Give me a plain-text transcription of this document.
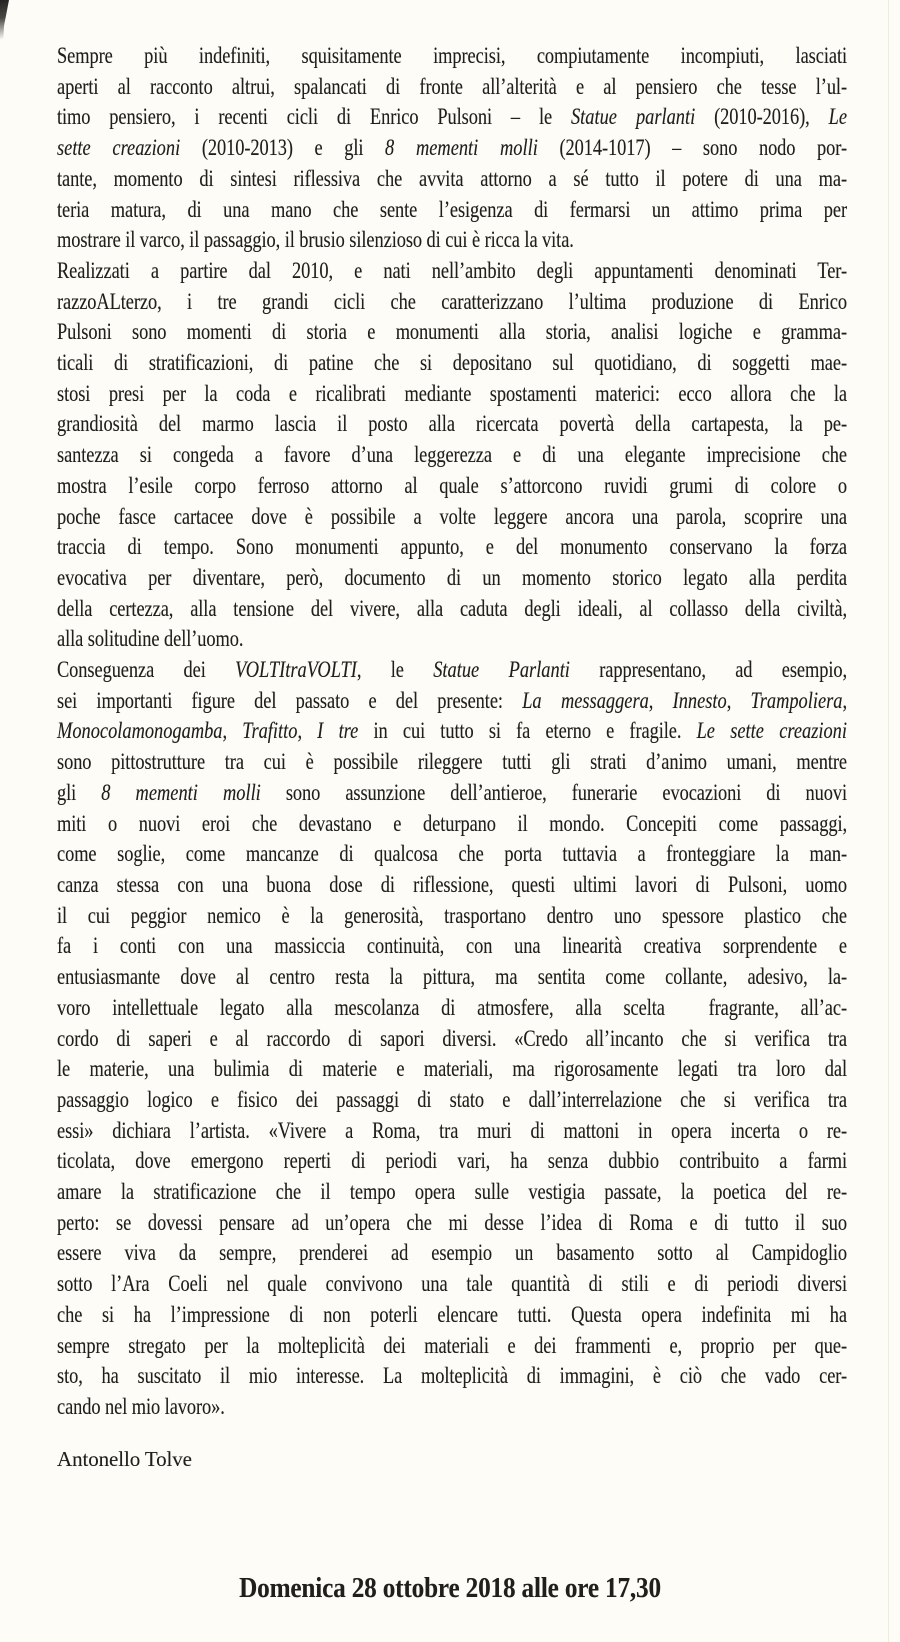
Sempre più indefiniti, squisitamente imprecisi, compiutamente incompiuti, lasciati
aperti al racconto altrui, spalancati di fronte all’alterità e al pensiero che tesse l’ul-
timo pensiero, i recenti cicli di Enrico Pulsoni – le Statue parlanti (2010-2016), Le
sette creazioni (2010-2013) e gli 8 mementi molli (2014-1017) – sono nodo por-
tante, momento di sintesi riflessiva che avvita attorno a sé tutto il potere di una ma-
teria matura, di una mano che sente l’esigenza di fermarsi un attimo prima per
mostrare il varco, il passaggio, il brusio silenzioso di cui è ricca la vita.
Realizzati a partire dal 2010, e nati nell’ambito degli appuntamenti denominati Ter-
razzoALterzo, i tre grandi cicli che caratterizzano l’ultima produzione di Enrico
Pulsoni sono momenti di storia e monumenti alla storia, analisi logiche e gramma-
ticali di stratificazioni, di patine che si depositano sul quotidiano, di soggetti mae-
stosi presi per la coda e ricalibrati mediante spostamenti materici: ecco allora che la
grandiosità del marmo lascia il posto alla ricercata povertà della cartapesta, la pe-
santezza si congeda a favore d’una leggerezza e di una elegante imprecisione che
mostra l’esile corpo ferroso attorno al quale s’attorcono ruvidi grumi di colore o
poche fasce cartacee dove è possibile a volte leggere ancora una parola, scoprire una
traccia di tempo. Sono monumenti appunto, e del monumento conservano la forza
evocativa per diventare, però, documento di un momento storico legato alla perdita
della certezza, alla tensione del vivere, alla caduta degli ideali, al collasso della civiltà,
alla solitudine dell’uomo.
Conseguenza dei VOLTItraVOLTI, le Statue Parlanti rappresentano, ad esempio,
sei importanti figure del passato e del presente: La messaggera, Innesto, Trampoliera,
Monocolamonogamba, Trafitto, I tre in cui tutto si fa eterno e fragile. Le sette creazioni
sono pittostrutture tra cui è possibile rileggere tutti gli strati d’animo umani, mentre
gli 8 mementi molli sono assunzione dell’antieroe, funerarie evocazioni di nuovi
miti o nuovi eroi che devastano e deturpano il mondo. Concepiti come passaggi,
come soglie, come mancanze di qualcosa che porta tuttavia a fronteggiare la man-
canza stessa con una buona dose di riflessione, questi ultimi lavori di Pulsoni, uomo
il cui peggior nemico è la generosità, trasportano dentro uno spessore plastico che
fa i conti con una massiccia continuità, con una linearità creativa sorprendente e
entusiasmante dove al centro resta la pittura, ma sentita come collante, adesivo, la-
voro intellettuale legato alla mescolanza di atmosfere, alla scelta  fragrante, all’ac-
cordo di saperi e al raccordo di sapori diversi. «Credo all’incanto che si verifica tra
le materie, una bulimia di materie e materiali, ma rigorosamente legati tra loro dal
passaggio logico e fisico dei passaggi di stato e dall’interrelazione che si verifica tra
essi» dichiara l’artista. «Vivere a Roma, tra muri di mattoni in opera incerta o re-
ticolata, dove emergono reperti di periodi vari, ha senza dubbio contribuito a farmi
amare la stratificazione che il tempo opera sulle vestigia passate, la poetica del re-
perto: se dovessi pensare ad un’opera che mi desse l’idea di Roma e di tutto il suo
essere viva da sempre, prenderei ad esempio un basamento sotto al Campidoglio
sotto l’Ara Coeli nel quale convivono una tale quantità di stili e di periodi diversi
che si ha l’impressione di non poterli elencare tutti. Questa opera indefinita mi ha
sempre stregato per la molteplicità dei materiali e dei frammenti e, proprio per que-
sto, ha suscitato il mio interesse. La molteplicità di immagini, è ciò che vado cer-
cando nel mio lavoro».
Antonello Tolve
Domenica 28 ottobre 2018 alle ore 17,30
